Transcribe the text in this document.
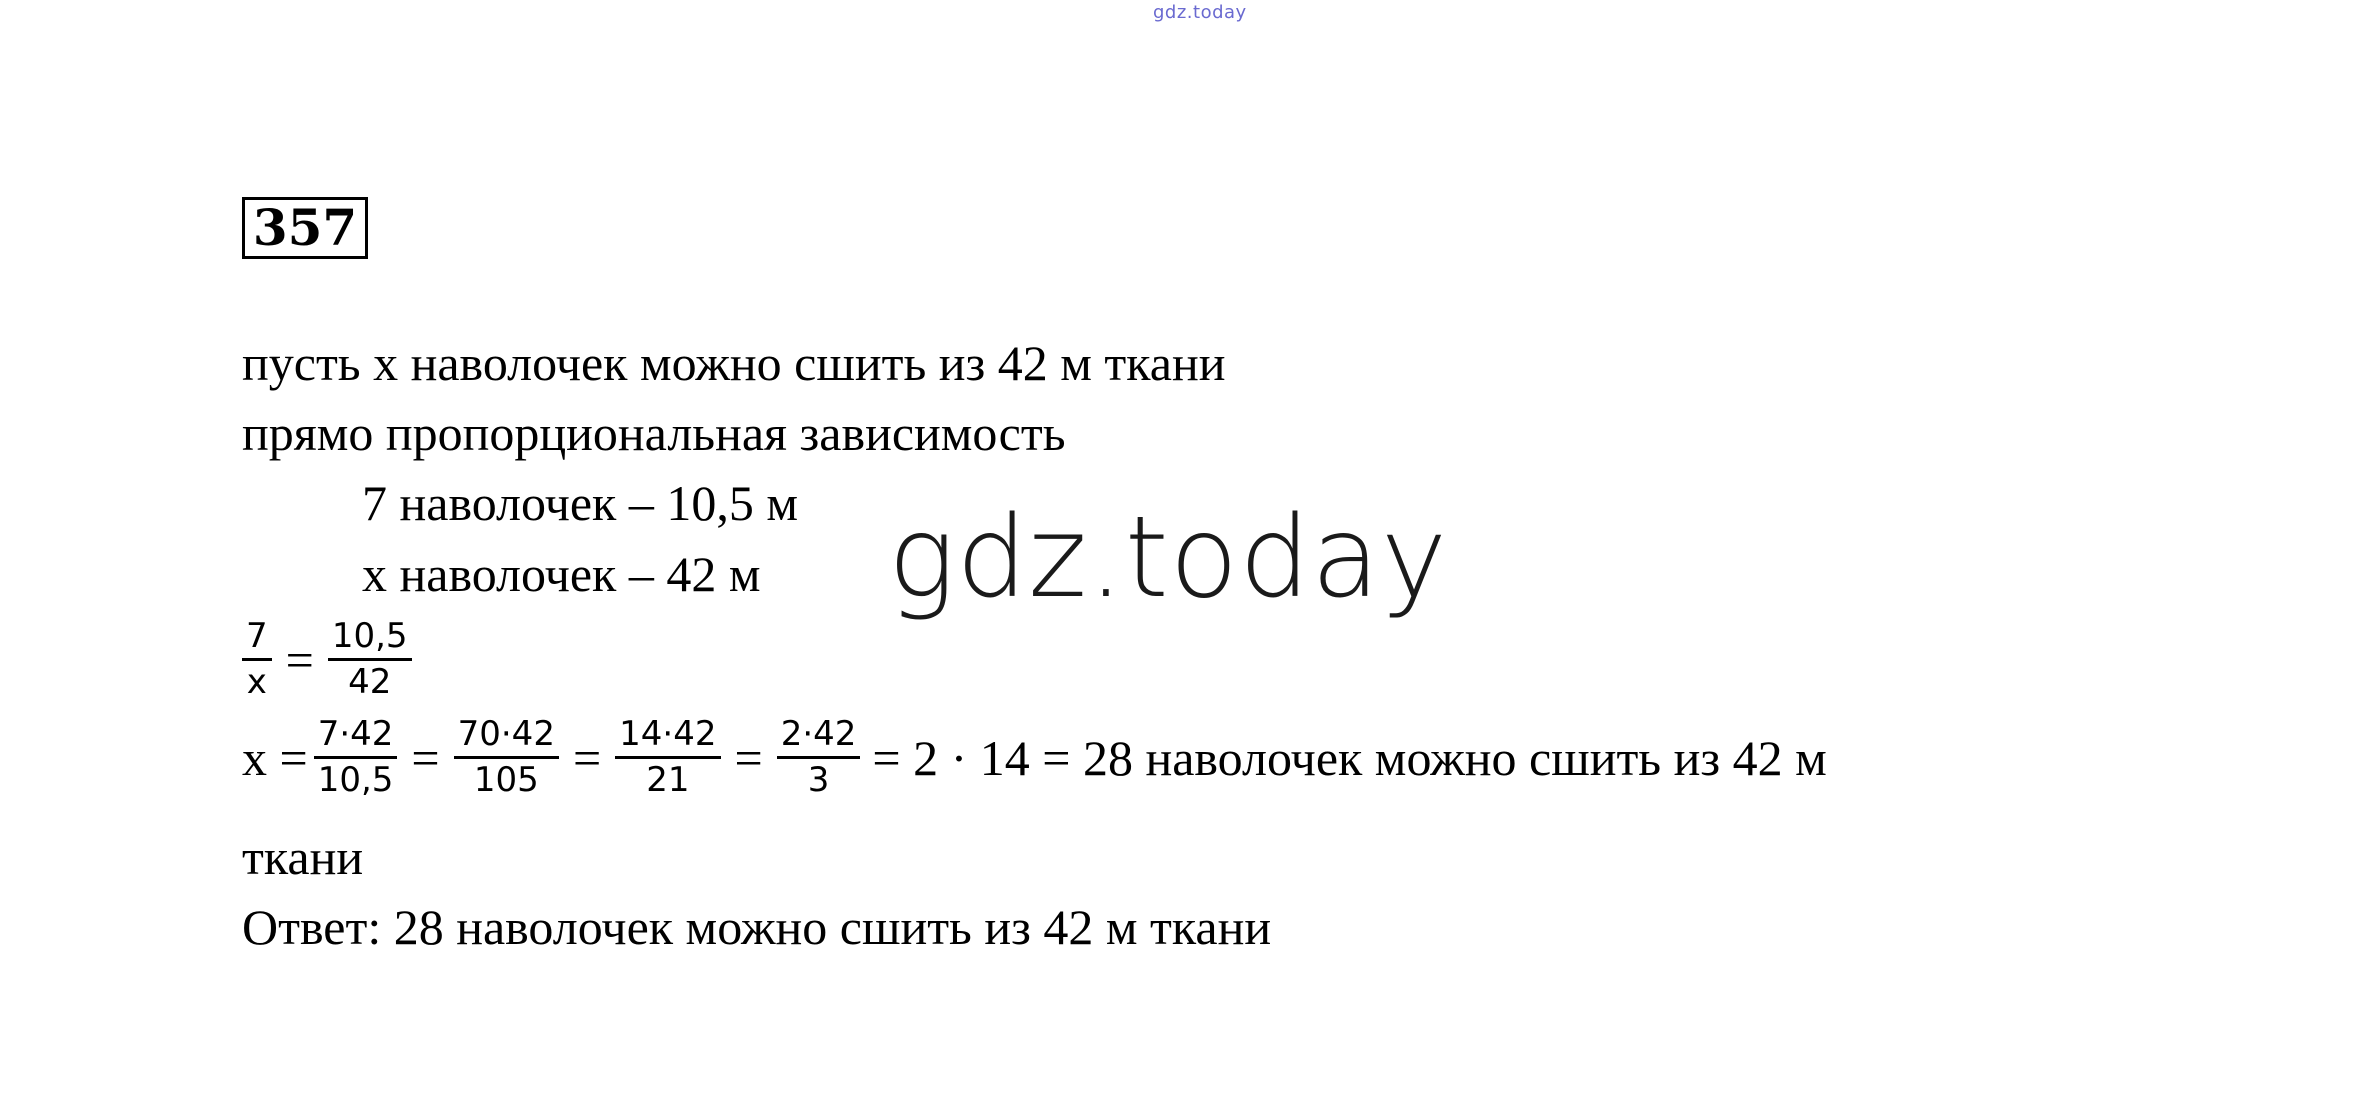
gdz.today
357
пусть х наволочек можно сшить из 42 м ткани
прямо пропорциональная зависимость
7 наволочек – 10,5 м
х наволочек – 42 м
$\frac{7}{x} = \frac{10,5}{42}$
$x = \frac{7\cdot 42}{10,5} = \frac{70\cdot 42}{105} = \frac{14\cdot 42}{21} = \frac{2\cdot 42}{3} = 2 \cdot 14 = 28$ наволочек можно сшить из 42 м
ткани
Ответ: 28 наволочек можно сшить из 42 м ткани
gdz.today
